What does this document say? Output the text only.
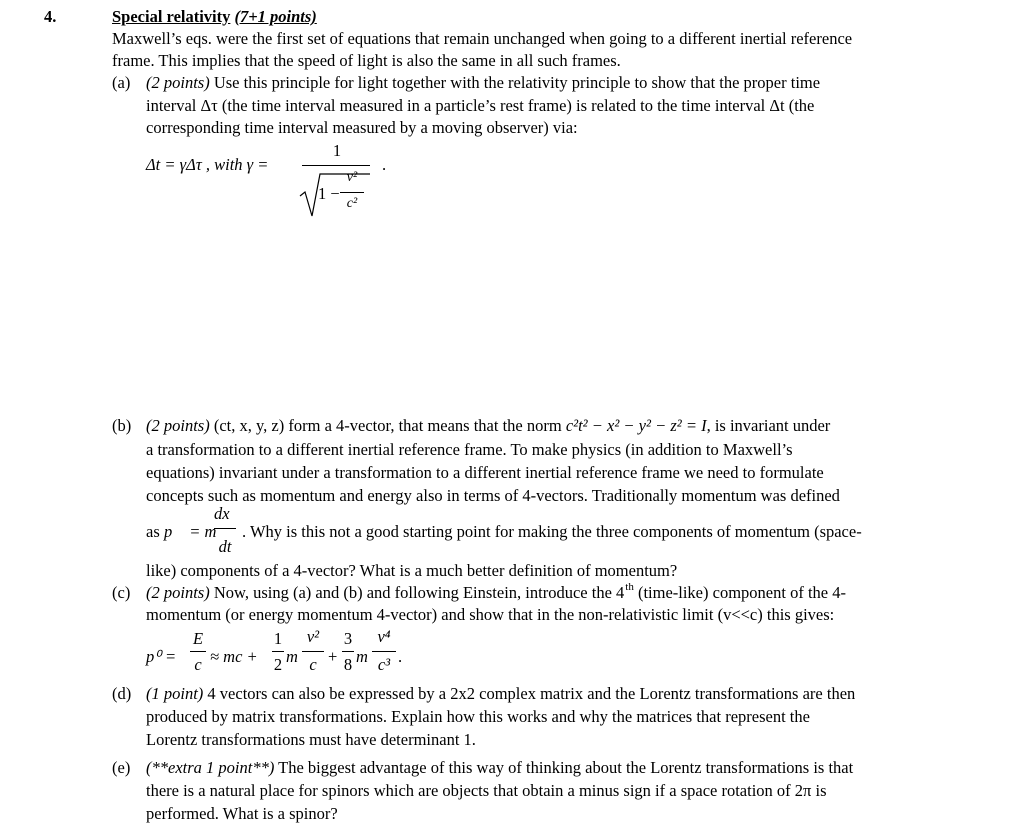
4.	Special relativity (7+1 points)
Maxwell’s eqs. were the first set of equations that remain unchanged when going to a different inertial reference
frame. This implies that the speed of light is also the same in all such frames.
(a) (2 points) Use this principle for light together with the relativity principle to show that the proper time
interval Δτ (the time interval measured in a particle’s rest frame) is related to the time interval Δt (the
corresponding time interval measured by a moving observer) via:
Δt = γΔτ , with γ =
1
1 −
v²
c²
.
(b) (2 points) (ct, x, y, z) form a 4-vector, that means that the norm c²t² − x² − y² − z² = I, is invariant under
a transformation to a different inertial reference frame. To make physics (in addition to Maxwell’s
equations) invariant under a transformation to a different inertial reference frame we need to formulate
concepts such as momentum and energy also in terms of 4-vectors. Traditionally momentum was defined
as p⃗ = m
dx⃗
dt
. Why is this not a good starting point for making the three components of momentum (space-
like) components of a 4-vector? What is a much better definition of momentum?
(c) (2 points) Now, using (a) and (b) and following Einstein, introduce the 4th (time-like) component of the 4-
momentum (or energy momentum 4-vector) and show that in the non-relativistic limit (v<<c) this gives:
p⁰ =
E
c ≈ mc +
1
2 m
v²
c +
3
8 m
v⁴
c³ .
(d) (1 point) 4 vectors can also be expressed by a 2x2 complex matrix and the Lorentz transformations are then
produced by matrix transformations. Explain how this works and why the matrices that represent the
Lorentz transformations must have determinant 1.
(e) (**extra 1 point**) The biggest advantage of this way of thinking about the Lorentz transformations is that
there is a natural place for spinors which are objects that obtain a minus sign if a space rotation of 2π is
performed. What is a spinor?
